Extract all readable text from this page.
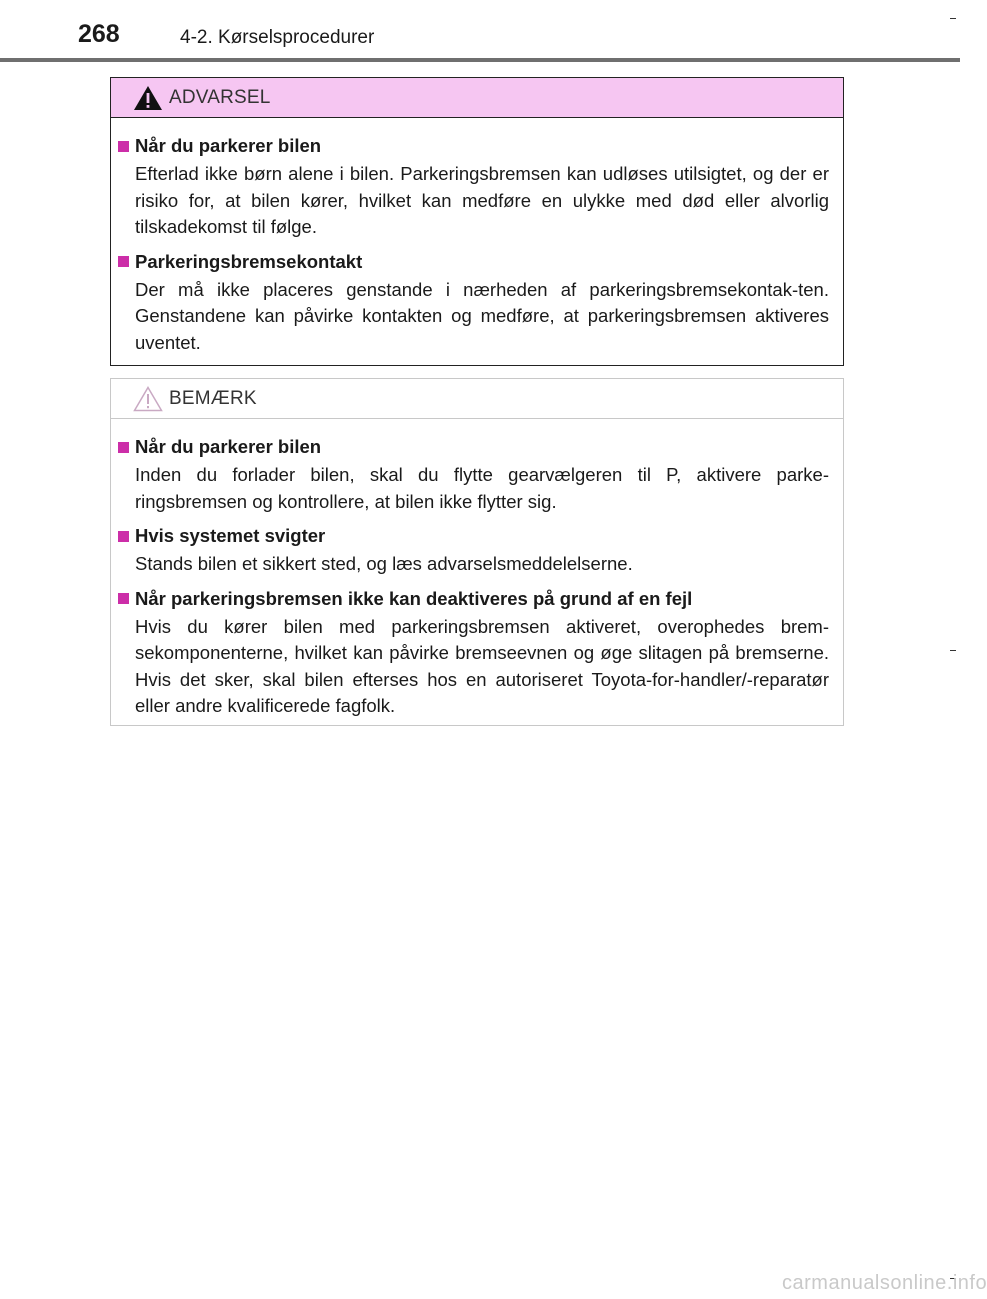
268	4-2. Kørselsprocedurer
ADVARSEL
Når du parkerer bilen
Efterlad ikke børn alene i bilen. Parkeringsbremsen kan udløses utilsigtet, og der er risiko for, at bilen kører, hvilket kan medføre en ulykke med død eller alvorlig tilskadekomst til følge.
Parkeringsbremsekontakt
Der må ikke placeres genstande i nærheden af parkeringsbremsekontak-ten. Genstandene kan påvirke kontakten og medføre, at parkeringsbremsen aktiveres uventet.
BEMÆRK
Når du parkerer bilen
Inden du forlader bilen, skal du flytte gearvælgeren til P, aktivere parke-ringsbremsen og kontrollere, at bilen ikke flytter sig.
Hvis systemet svigter
Stands bilen et sikkert sted, og læs advarselsmeddelelserne.
Når parkeringsbremsen ikke kan deaktiveres på grund af en fejl
Hvis du kører bilen med parkeringsbremsen aktiveret, overophedes brem-sekomponenterne, hvilket kan påvirke bremseevnen og øge slitagen på bremserne. Hvis det sker, skal bilen efterses hos en autoriseret Toyota-for-handler/-reparatør eller andre kvalificerede fagfolk.
carmanualsonline.info
